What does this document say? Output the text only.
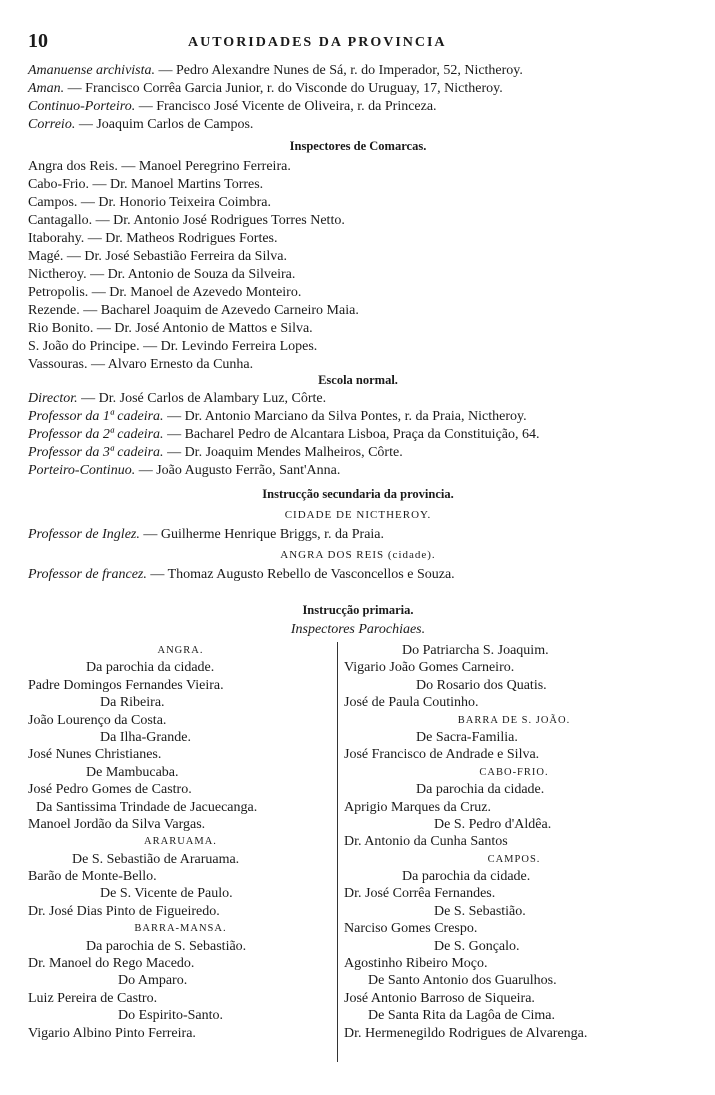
10	AUTORIDADES DA PROVINCIA
Amanuense archivista. — Pedro Alexandre Nunes de Sá, r. do Imperador, 52, Nictheroy.
Aman. — Francisco Corrêa Garcia Junior, r. do Visconde do Uruguay, 17, Nictheroy.
Continuo-Porteiro. — Francisco José Vicente de Oliveira, r. da Princeza.
Correio. — Joaquim Carlos de Campos.
Inspectores de Comarcas.
Angra dos Reis. — Manoel Peregrino Ferreira.
Cabo-Frio. — Dr. Manoel Martins Torres.
Campos. — Dr. Honorio Teixeira Coimbra.
Cantagallo. — Dr. Antonio José Rodrigues Torres Netto.
Itaborahy. — Dr. Matheos Rodrigues Fortes.
Magé. — Dr. José Sebastião Ferreira da Silva.
Nictheroy. — Dr. Antonio de Souza da Silveira.
Petropolis. — Dr. Manoel de Azevedo Monteiro.
Rezende. — Bacharel Joaquim de Azevedo Carneiro Maia.
Rio Bonito. — Dr. José Antonio de Mattos e Silva.
S. João do Principe. — Dr. Levindo Ferreira Lopes.
Vassouras. — Alvaro Ernesto da Cunha.
Escola normal.
Director. — Dr. José Carlos de Alambary Luz, Côrte.
Professor da 1ª cadeira. — Dr. Antonio Marciano da Silva Pontes, r. da Praia, Nictheroy.
Professor da 2ª cadeira. — Bacharel Pedro de Alcantara Lisboa, Praça da Constituição, 64.
Professor da 3ª cadeira. — Dr. Joaquim Mendes Malheiros, Côrte.
Porteiro-Continuo. — João Augusto Ferrão, Sant'Anna.
Instrucção secundaria da provincia.
CIDADE DE NICTHEROY.
Professor de Inglez. — Guilherme Henrique Briggs, r. da Praia.
ANGRA DOS REIS (cidade).
Professor de francez. — Thomaz Augusto Rebello de Vasconcellos e Souza.
Instrucção primaria.
Inspectores Parochiaes.
ANGRA.
Da parochia da cidade.
Padre Domingos Fernandes Vieira.
Da Ribeira.
João Lourenço da Costa.
Da Ilha-Grande.
José Nunes Christianes.
De Mambucaba.
José Pedro Gomes de Castro.
Da Santissima Trindade de Jacuecanga.
Manoel Jordão da Silva Vargas.
ARARUAMA.
De S. Sebastião de Araruama.
Barão de Monte-Bello.
De S. Vicente de Paulo.
Dr. José Dias Pinto de Figueiredo.
BARRA-MANSA.
Da parochia de S. Sebastião.
Dr. Manoel do Rego Macedo.
Do Amparo.
Luiz Pereira de Castro.
Do Espirito-Santo.
Vigario Albino Pinto Ferreira.
Do Patriarcha S. Joaquim.
Vigario João Gomes Carneiro.
Do Rosario dos Quatis.
José de Paula Coutinho.
BARRA DE S. JOÃO.
De Sacra-Familia.
José Francisco de Andrade e Silva.
CABO-FRIO.
Da parochia da cidade.
Aprigio Marques da Cruz.
De S. Pedro d'Aldêa.
Dr. Antonio da Cunha Santos
CAMPOS.
Da parochia da cidade.
Dr. José Corrêa Fernandes.
De S. Sebastião.
Narciso Gomes Crespo.
De S. Gonçalo.
Agostinho Ribeiro Moço.
De Santo Antonio dos Guarulhos.
José Antonio Barroso de Siqueira.
De Santa Rita da Lagôa de Cima.
Dr. Hermenegildo Rodrigues de Alvarenga.
